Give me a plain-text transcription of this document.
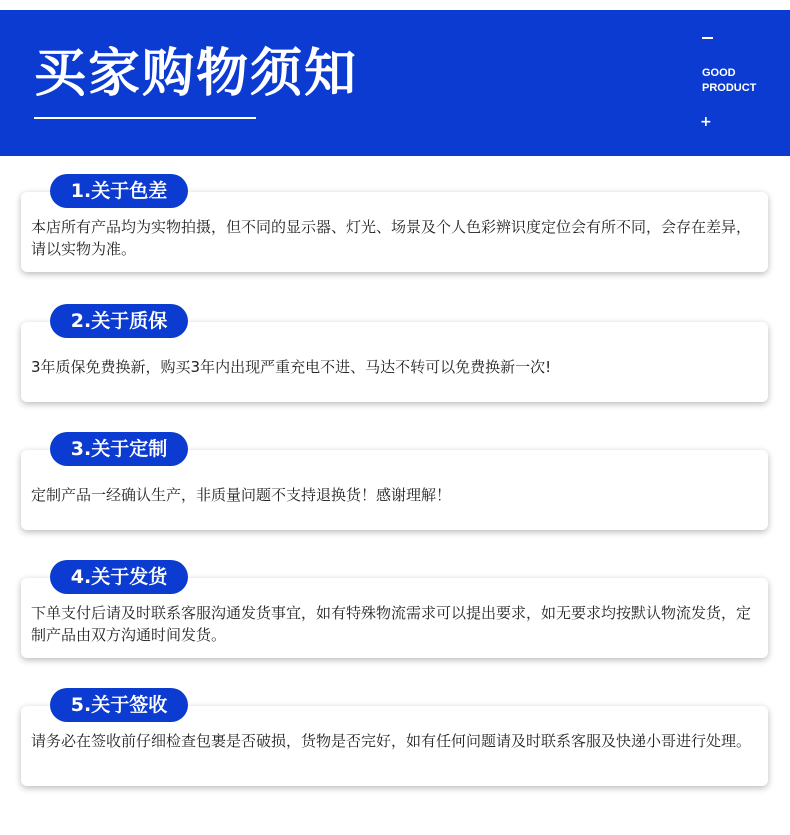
买家购物须知	GOOD
PRODUCT
+
1.关于色差

本店所有产品均为实物拍摄，但不同的显示器、灯光、场景及个人色彩辨识度定位会有所不同，会存在差异，请以实物为准。

2.关于质保

3年质保免费换新，购买3年内出现严重充电不进、马达不转可以免费换新一次!

3.关于定制

定制产品一经确认生产，非质量问题不支持退换货！感谢理解！

4.关于发货

下单支付后请及时联系客服沟通发货事宜，如有特殊物流需求可以提出要求，如无要求均按默认物流发货，定制产品由双方沟通时间发货。

5.关于签收

请务必在签收前仔细检查包裹是否破损，货物是否完好，如有任何问题请及时联系客服及快递小哥进行处理。
